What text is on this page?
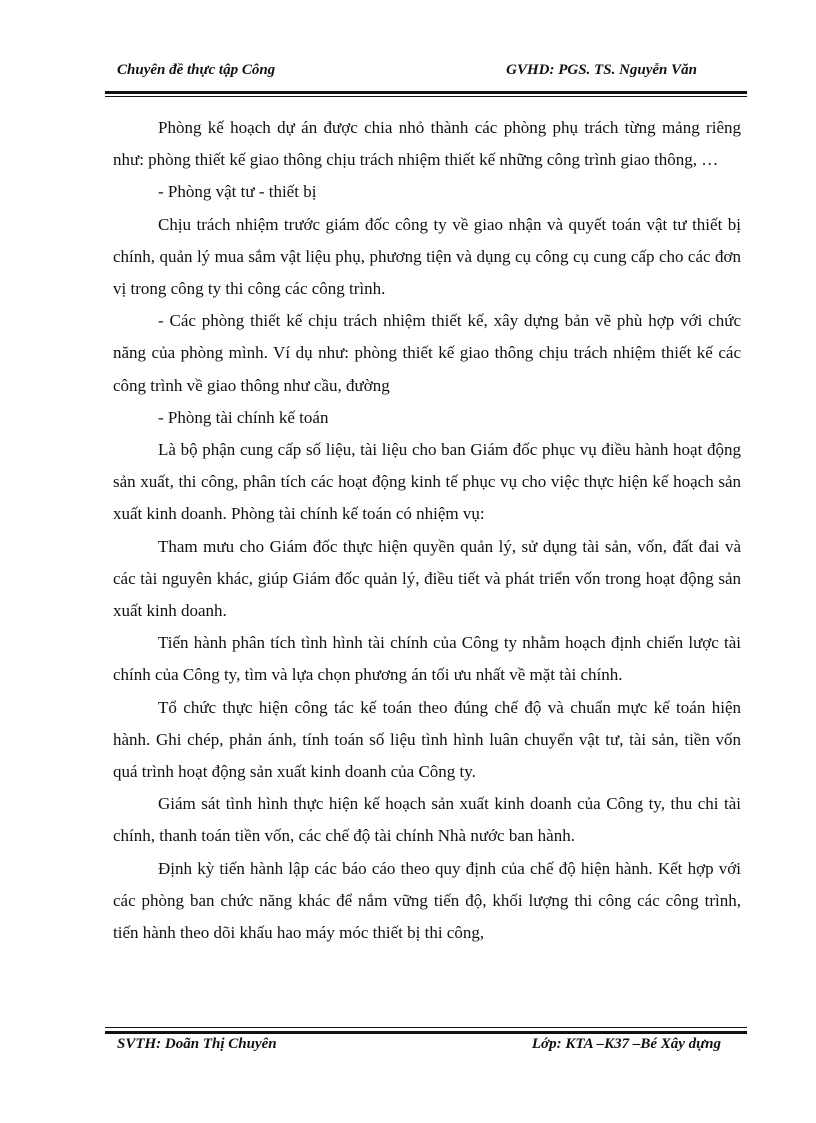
Chuyên đề thực tập Công	GVHD: PGS. TS. Nguyễn Văn

Phòng kế hoạch dự án được chia nhỏ thành các phòng phụ trách từng mảng riêng như: phòng thiết kế giao thông chịu trách nhiệm thiết kế những công trình giao thông, …

- Phòng vật tư - thiết bị

Chịu trách nhiệm trước giám đốc công ty về giao nhận và quyết toán vật tư thiết bị chính, quản lý mua sắm vật liệu phụ, phương tiện và dụng cụ công cụ cung cấp cho các đơn vị trong công ty thi công các công trình.

- Các phòng thiết kế chịu trách nhiệm thiết kế, xây dựng bản vẽ phù hợp với chức năng của phòng mình. Ví dụ như: phòng thiết kế giao thông chịu trách nhiệm thiết kế các công trình về giao thông như cầu, đường

- Phòng tài chính kế toán

Là bộ phận cung cấp số liệu, tài liệu cho ban Giám đốc phục vụ điều hành hoạt động sản xuất, thi công, phân tích các hoạt động kinh tế phục vụ cho việc thực hiện kế hoạch sản xuất kinh doanh. Phòng tài chính kế toán có nhiệm vụ:

Tham mưu cho Giám đốc thực hiện quyền quản lý, sử dụng tài sản, vốn, đất đai và các tài nguyên khác, giúp Giám đốc quản lý, điều tiết và phát triển vốn trong hoạt động sản xuất kinh doanh.

Tiến hành phân tích tình hình tài chính của Công ty nhằm hoạch định chiến lược tài chính của Công ty, tìm và lựa chọn phương án tối ưu nhất về mặt tài chính.

Tổ chức thực hiện công tác kế toán theo đúng chế độ và chuẩn mực kế toán hiện hành. Ghi chép, phản ánh, tính toán số liệu tình hình luân chuyển vật tư, tài sản, tiền vốn quá trình hoạt động sản xuất kinh doanh của Công ty.

Giám sát tình hình thực hiện kế hoạch sản xuất kinh doanh của Công ty, thu chi tài chính, thanh toán tiền vốn, các chế độ tài chính Nhà nước ban hành.

Định kỳ tiến hành lập các báo cáo theo quy định của chế độ hiện hành. Kết hợp với các phòng ban chức năng khác để nắm vững tiến độ, khối lượng thi công các công trình, tiến hành theo dõi khấu hao máy móc thiết bị thi công,

SVTH: Doãn Thị Chuyên	Lớp: KTA –K37 –Bé Xây dựng
